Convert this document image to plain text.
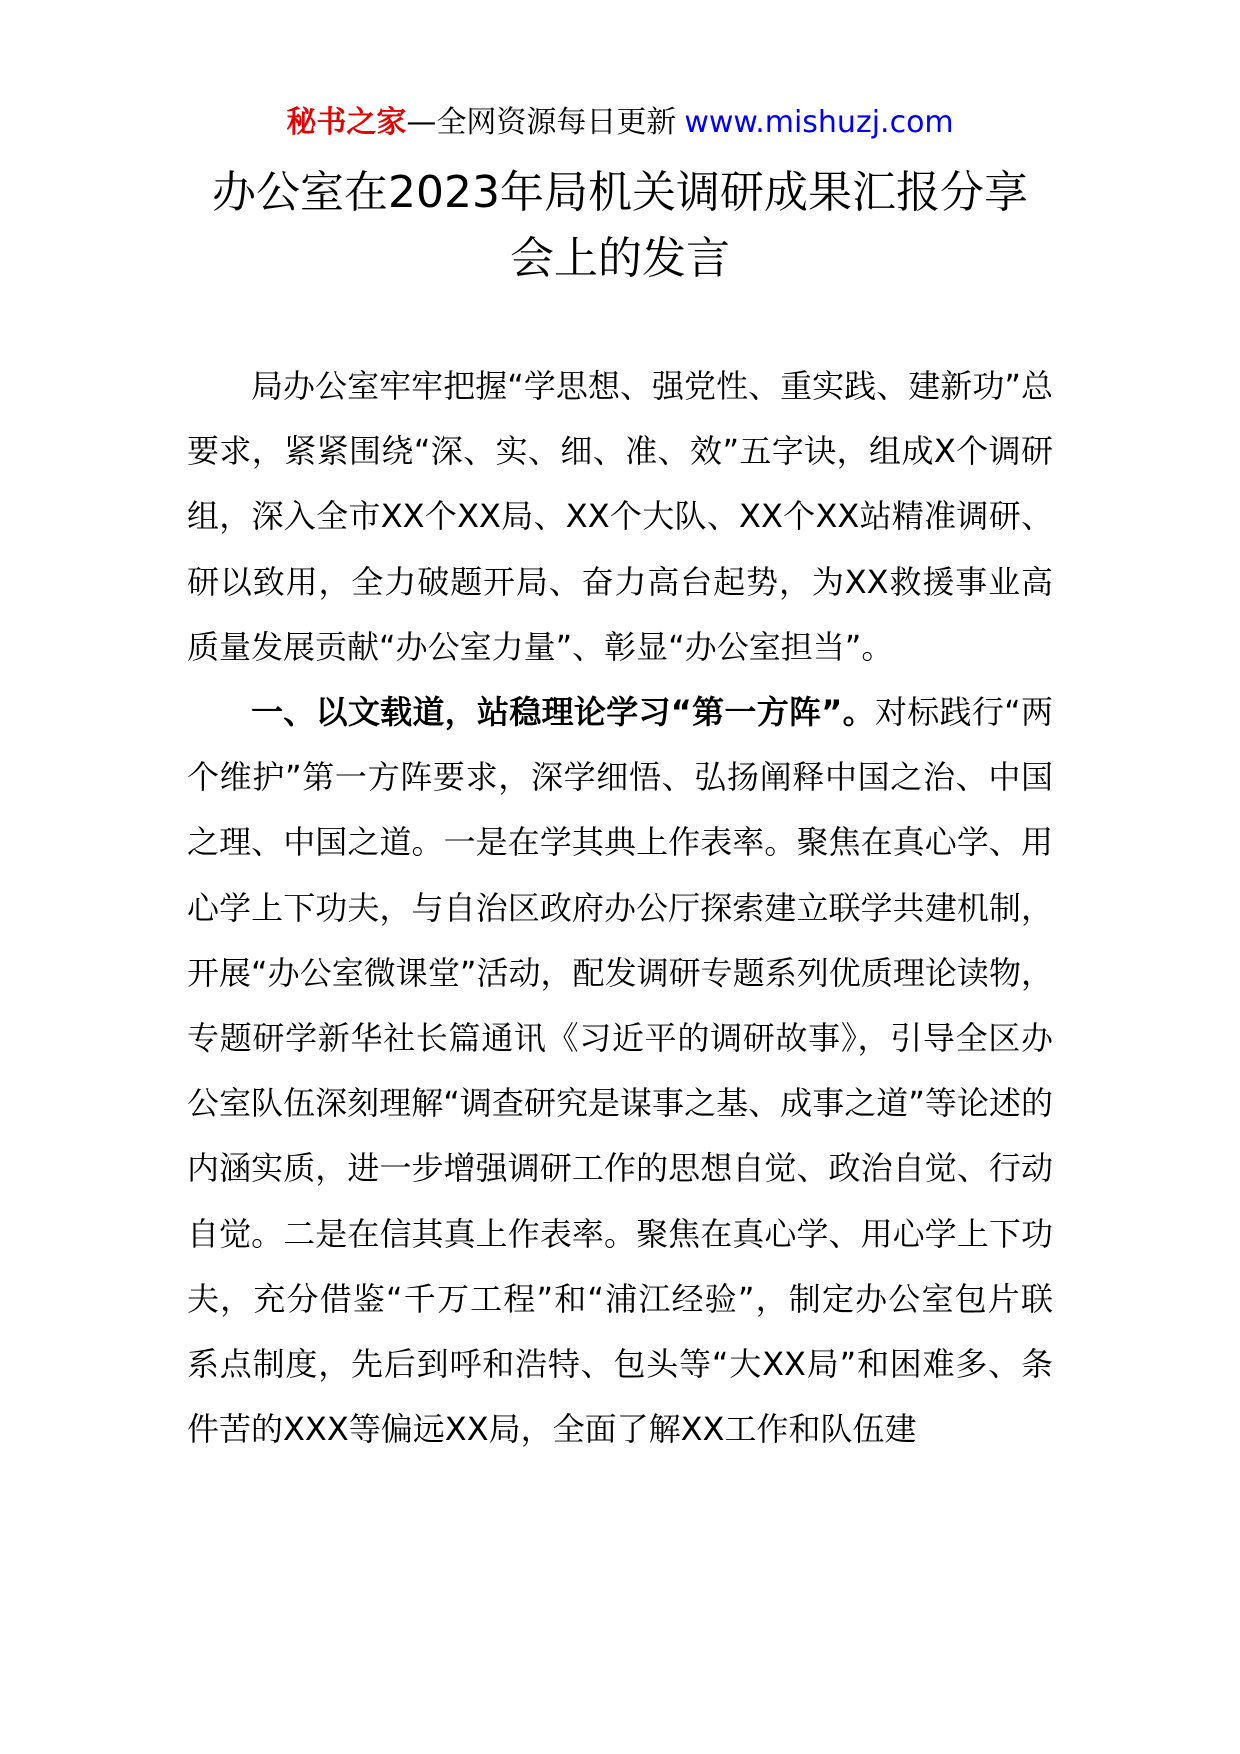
秘书之家—全网资源每日更新 www.mishuzj.com
办公室在2023年局机关调研成果汇报分享
会上的发言

局办公室牢牢把握“学思想、强党性、重实践、建新功”总要求，紧紧围绕“深、实、细、准、效”五字诀，组成X个调研组，深入全市XX个XX局、XX个大队、XX个XX站精准调研、研以致用，全力破题开局、奋力高台起势，为XX救援事业高质量发展贡献“办公室力量”、彰显“办公室担当”。

一、以文载道，站稳理论学习“第一方阵”。对标践行“两个维护”第一方阵要求，深学细悟、弘扬阐释中国之治、中国之理、中国之道。一是在学其典上作表率。聚焦在真心学、用心学上下功夫，与自治区政府办公厅探索建立联学共建机制，开展“办公室微课堂”活动，配发调研专题系列优质理论读物，专题研学新华社长篇通讯《习近平的调研故事》，引导全区办公室队伍深刻理解“调查研究是谋事之基、成事之道”等论述的内涵实质，进一步增强调研工作的思想自觉、政治自觉、行动自觉。二是在信其真上作表率。聚焦在真心学、用心学上下功夫，充分借鉴“千万工程”和“浦江经验”，制定办公室包片联系点制度，先后到呼和浩特、包头等“大XX局”和困难多、条件苦的XXX等偏远XX局，全面了解XX工作和队伍建
